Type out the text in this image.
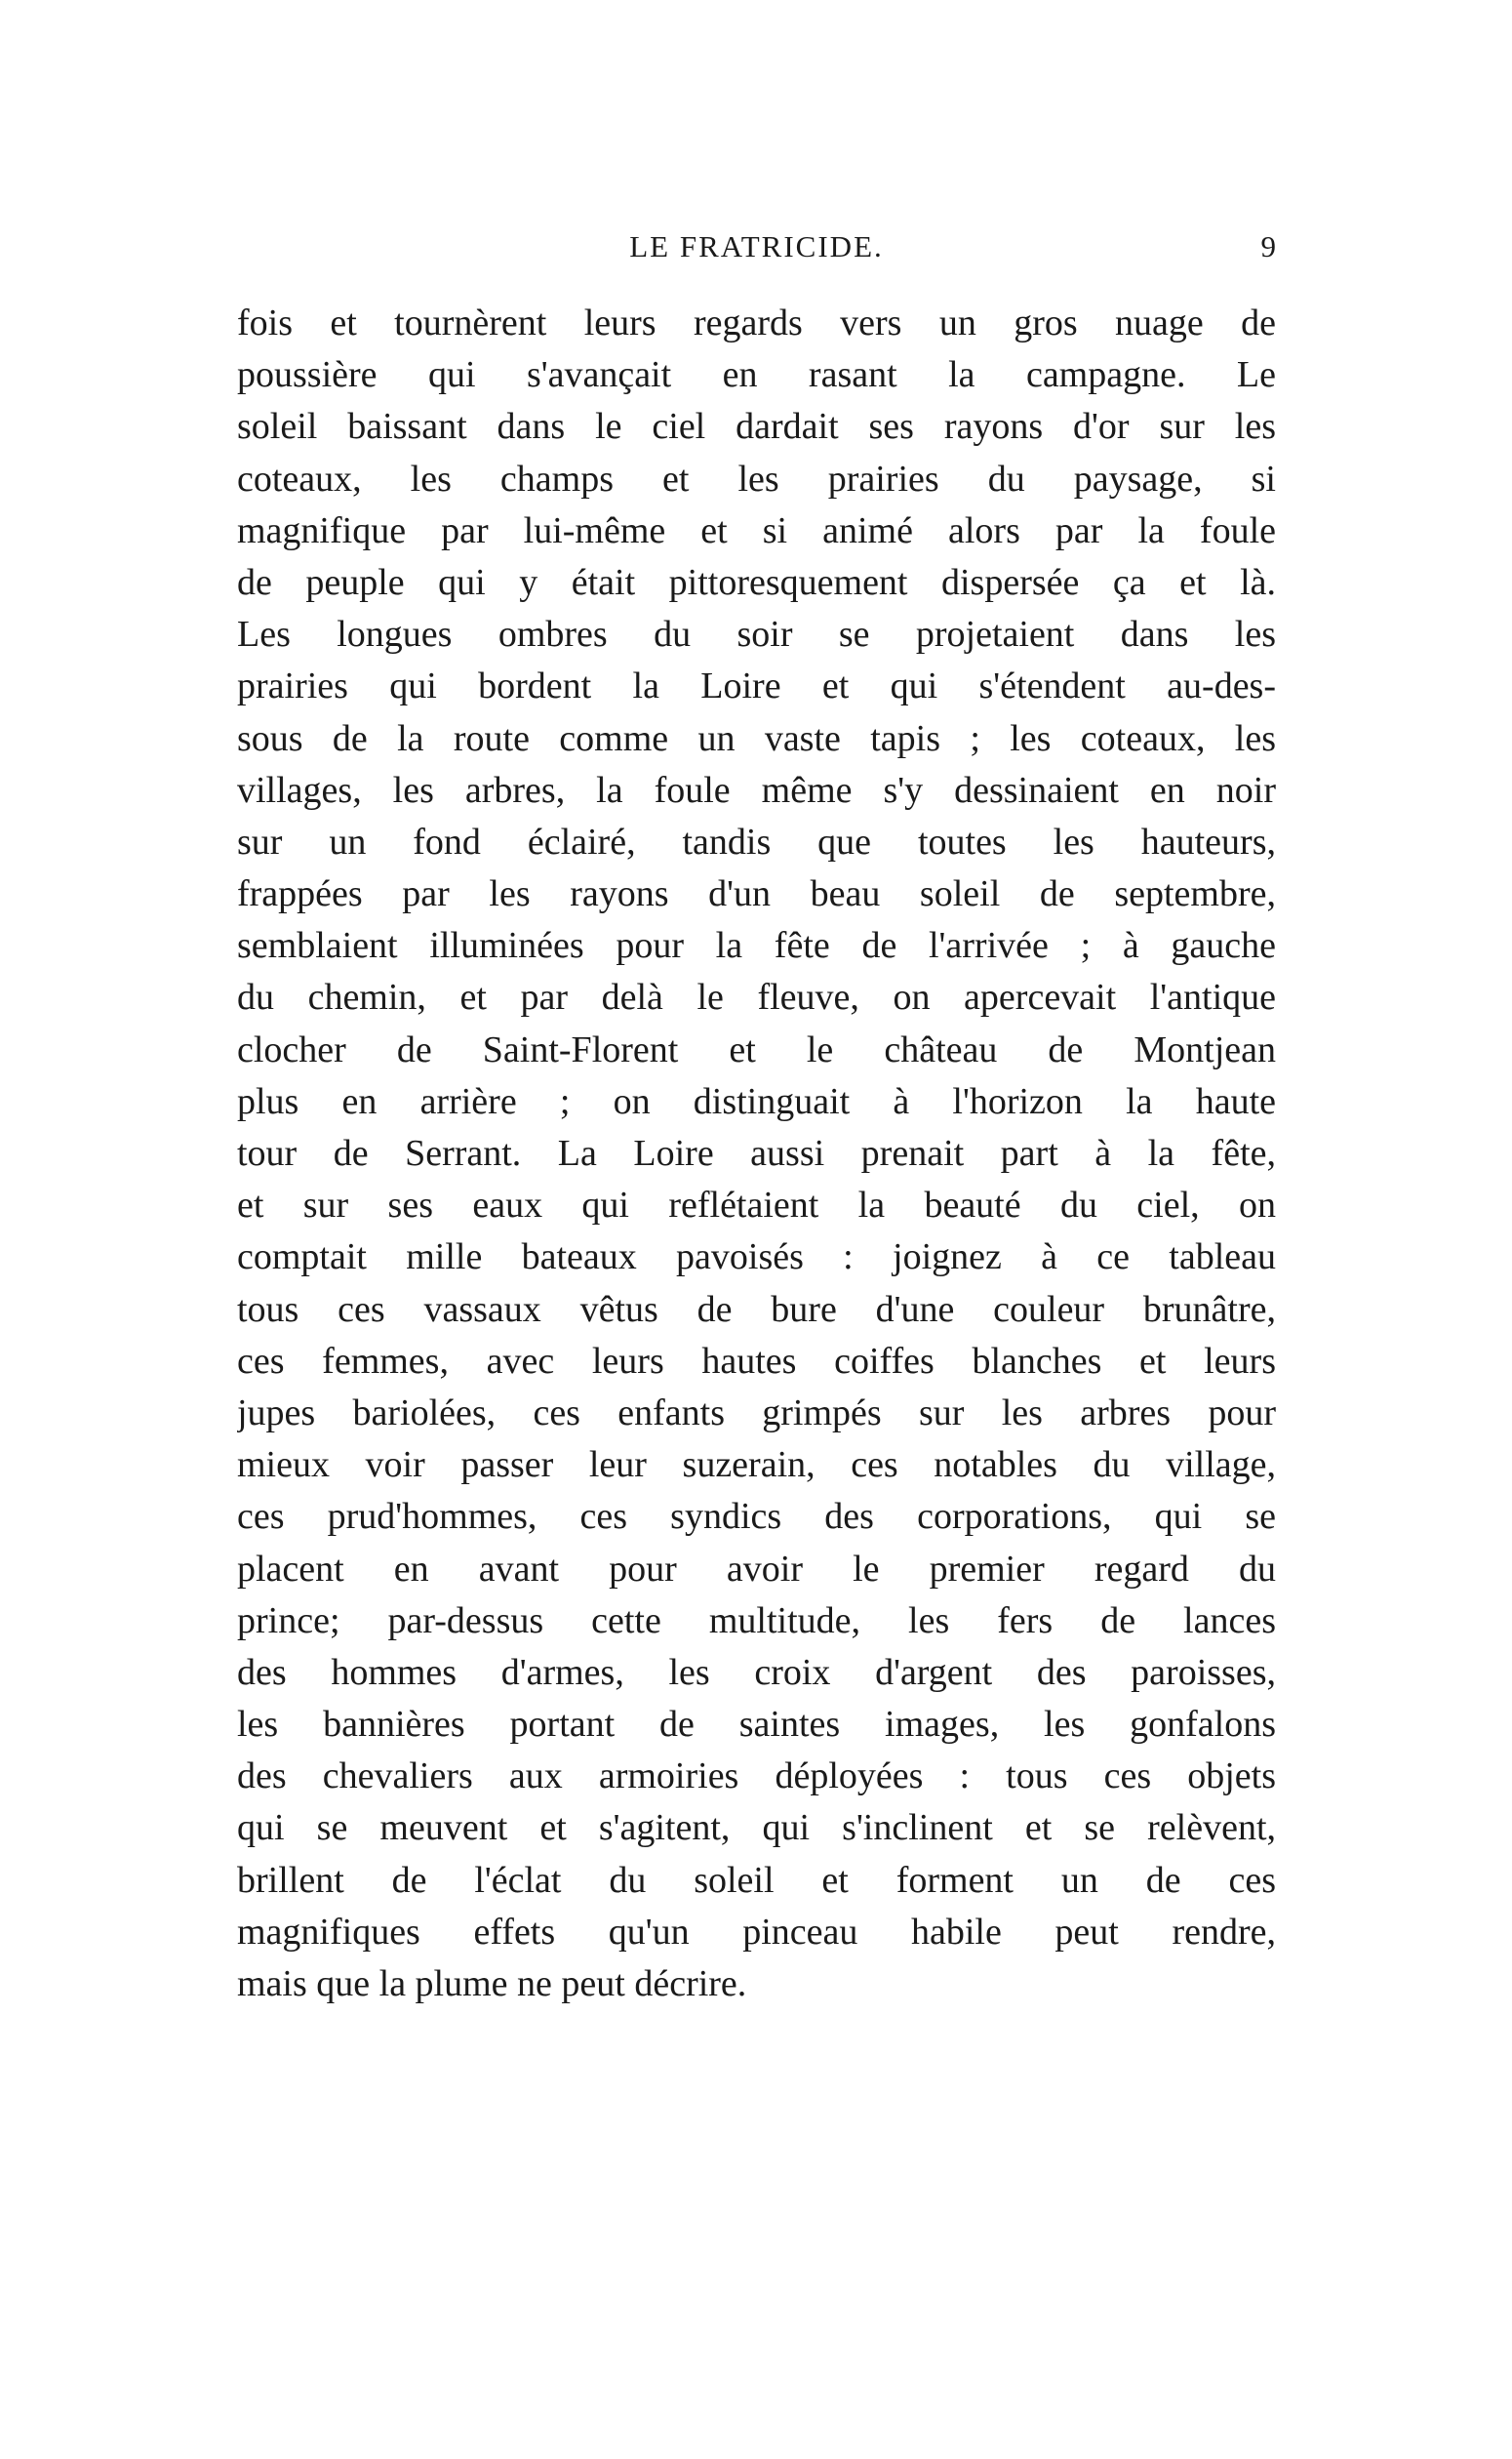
LE FRATRICIDE.	9
fois et tournèrent leurs regards vers un gros nuage de
poussière qui s'avançait en rasant la campagne. Le
soleil baissant dans le ciel dardait ses rayons d'or sur les
coteaux, les champs et les prairies du paysage, si
magnifique par lui-même et si animé alors par la foule
de peuple qui y était pittoresquement dispersée ça et là.
Les longues ombres du soir se projetaient dans les
prairies qui bordent la Loire et qui s'étendent au-des-
sous de la route comme un vaste tapis ; les coteaux, les
villages, les arbres, la foule même s'y dessinaient en noir
sur un fond éclairé, tandis que toutes les hauteurs,
frappées par les rayons d'un beau soleil de septembre,
semblaient illuminées pour la fête de l'arrivée ; à gauche
du chemin, et par delà le fleuve, on apercevait l'antique
clocher de Saint-Florent et le château de Montjean
plus en arrière ; on distinguait à l'horizon la haute
tour de Serrant. La Loire aussi prenait part à la fête,
et sur ses eaux qui reflétaient la beauté du ciel, on
comptait mille bateaux pavoisés : joignez à ce tableau
tous ces vassaux vêtus de bure d'une couleur brunâtre,
ces femmes, avec leurs hautes coiffes blanches et leurs
jupes bariolées, ces enfants grimpés sur les arbres pour
mieux voir passer leur suzerain, ces notables du village,
ces prud'hommes, ces syndics des corporations, qui se
placent en avant pour avoir le premier regard du
prince; par-dessus cette multitude, les fers de lances
des hommes d'armes, les croix d'argent des paroisses,
les bannières portant de saintes images, les gonfalons
des chevaliers aux armoiries déployées : tous ces objets
qui se meuvent et s'agitent, qui s'inclinent et se relèvent,
brillent de l'éclat du soleil et forment un de ces
magnifiques effets qu'un pinceau habile peut rendre,
mais que la plume ne peut décrire.
